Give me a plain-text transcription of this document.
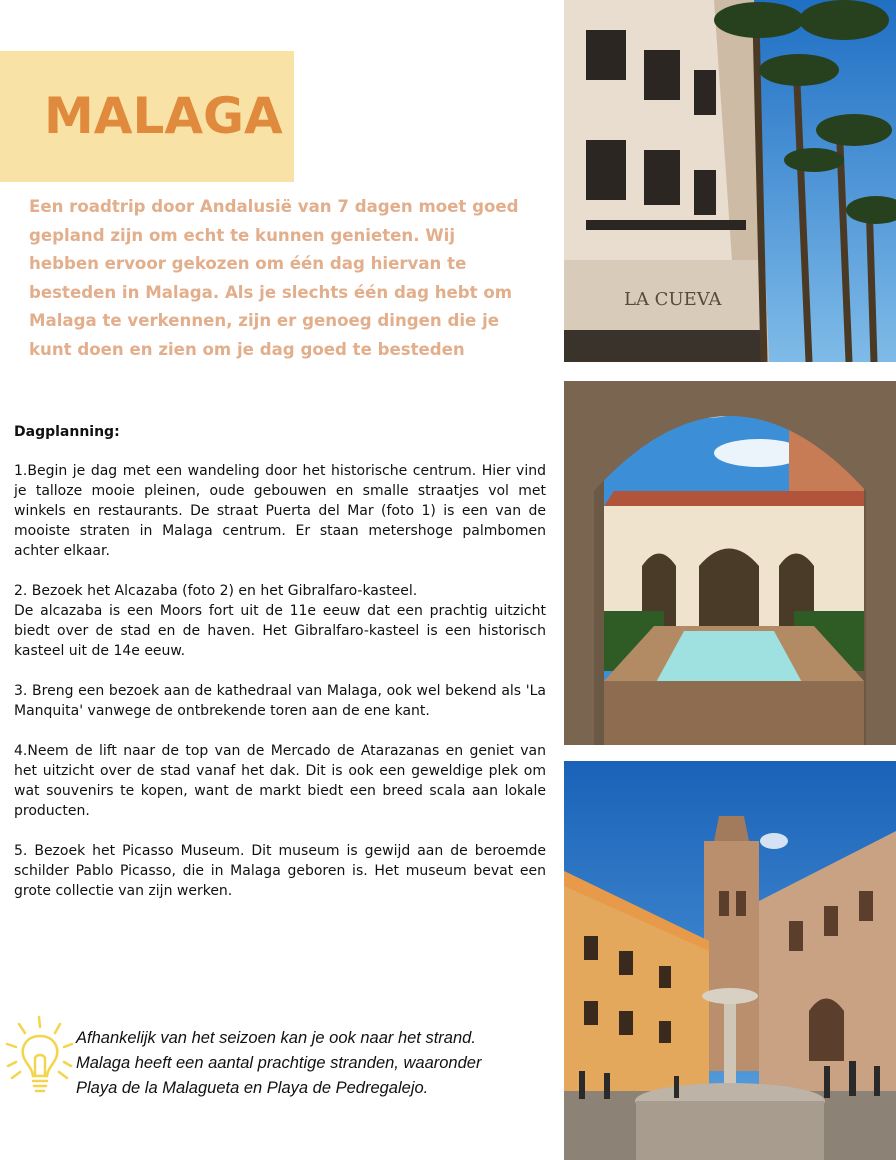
MALAGA

Een roadtrip door Andalusië van 7 dagen moet goed gepland zijn om echt te kunnen genieten. Wij hebben ervoor gekozen om één dag hiervan te besteden in Malaga. Als je slechts één dag hebt om Malaga te verkennen, zijn er genoeg dingen die je kunt doen en zien om je dag goed te besteden

Dagplanning:

1.Begin je dag met een wandeling door het historische centrum. Hier vind je talloze mooie pleinen, oude gebouwen en smalle straatjes vol met winkels en restaurants. De straat Puerta del Mar (foto 1) is een van de mooiste straten in Malaga centrum. Er staan metershoge palmbomen achter elkaar.

2. Bezoek het Alcazaba (foto 2) en het Gibralfaro-kasteel.

De alcazaba is een Moors fort uit de 11e eeuw dat een prachtig uitzicht biedt over de stad en de haven. Het Gibralfaro-kasteel is een historisch kasteel uit de 14e eeuw.

3. Breng een bezoek aan de kathedraal van Malaga, ook wel bekend als 'La Manquita' vanwege de ontbrekende toren aan de ene kant.

4.Neem de lift naar de top van de Mercado de Atarazanas en geniet van het uitzicht over de stad vanaf het dak. Dit is ook een geweldige plek om wat souvenirs te kopen, want de markt biedt een breed scala aan lokale producten.

5. Bezoek het Picasso Museum. Dit museum is gewijd aan de beroemde schilder Pablo Picasso, die in Malaga geboren is. Het museum bevat een grote collectie van zijn werken.

Afhankelijk van het seizoen kan je ook naar het strand.
Malaga heeft een aantal prachtige stranden, waaronder
Playa de la Malagueta en Playa de Pedregalejo.
LA CUEVA
